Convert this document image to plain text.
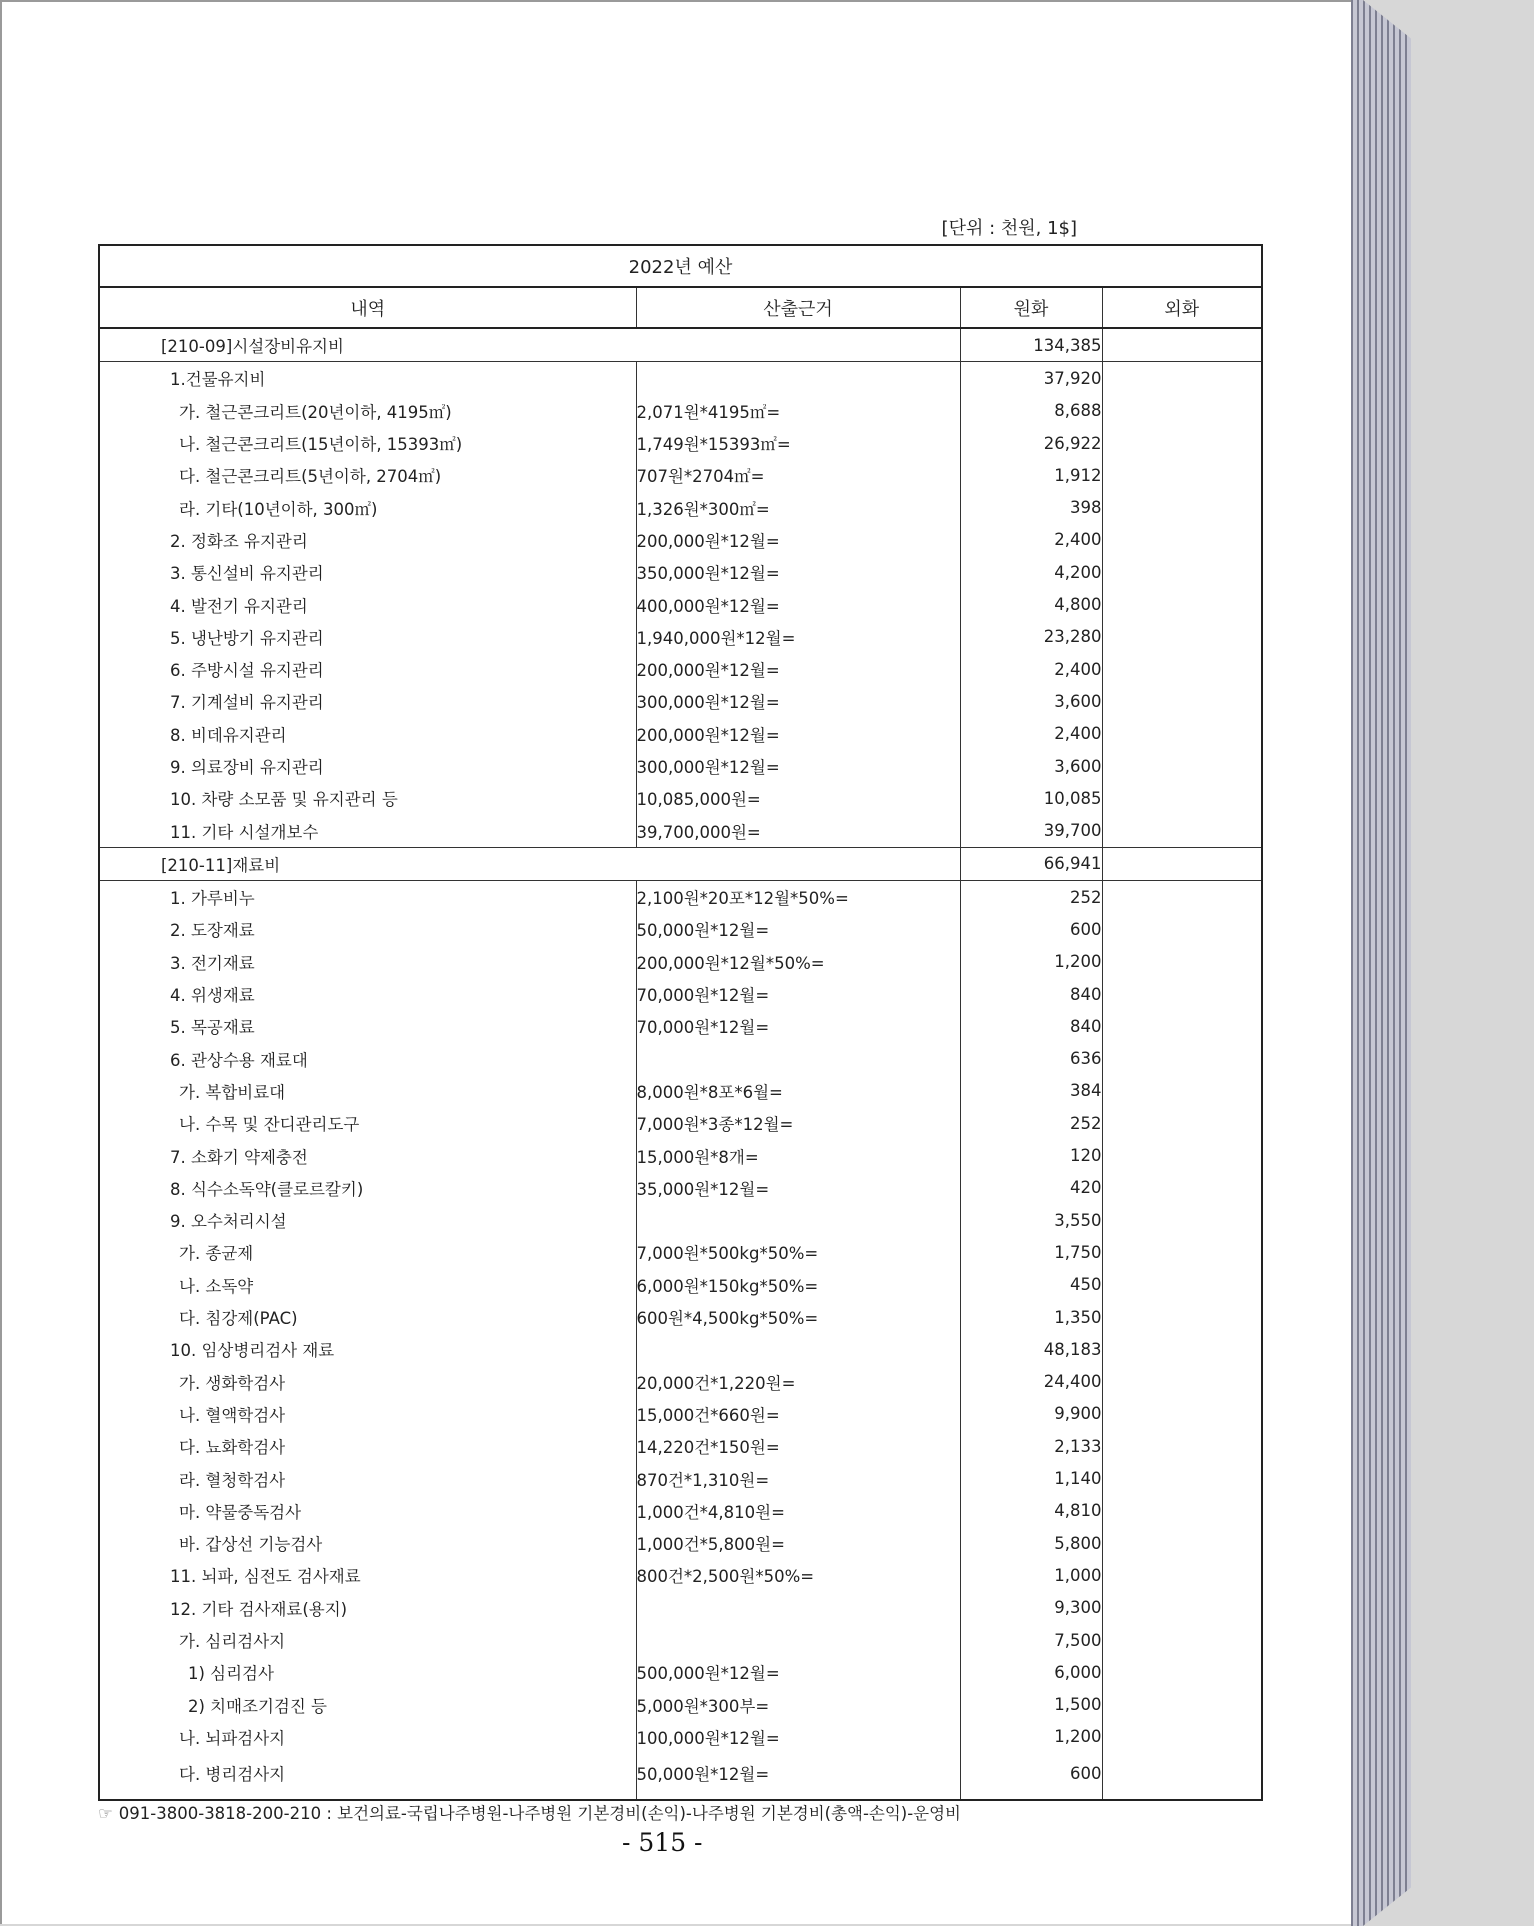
[단위 : 천원, 1$]
2022년 예산			
내역	산출근거	원화	외화
[210-09]시설장비유지비		134,385	
1.건물유지비		37,920	
가. 철근콘크리트(20년이하, 4195㎡)	2,071원*4195㎡=	8,688	
나. 철근콘크리트(15년이하, 15393㎡)	1,749원*15393㎡=	26,922	
다. 철근콘크리트(5년이하, 2704㎡)	707원*2704㎡=	1,912	
라. 기타(10년이하, 300㎡)	1,326원*300㎡=	398	
2. 정화조 유지관리	200,000원*12월=	2,400	
3. 통신설비 유지관리	350,000원*12월=	4,200	
4. 발전기 유지관리	400,000원*12월=	4,800	
5. 냉난방기 유지관리	1,940,000원*12월=	23,280	
6. 주방시설 유지관리	200,000원*12월=	2,400	
7. 기계설비 유지관리	300,000원*12월=	3,600	
8. 비데유지관리	200,000원*12월=	2,400	
9. 의료장비 유지관리	300,000원*12월=	3,600	
10. 차량 소모품 및 유지관리 등	10,085,000원=	10,085	
11. 기타 시설개보수	39,700,000원=	39,700	
[210-11]재료비		66,941	
1. 가루비누	2,100원*20포*12월*50%=	252	
2. 도장재료	50,000원*12월=	600	
3. 전기재료	200,000원*12월*50%=	1,200	
4. 위생재료	70,000원*12월=	840	
5. 목공재료	70,000원*12월=	840	
6. 관상수용 재료대		636	
가. 복합비료대	8,000원*8포*6월=	384	
나. 수목 및 잔디관리도구	7,000원*3종*12월=	252	
7. 소화기 약제충전	15,000원*8개=	120	
8. 식수소독약(클로르칼키)	35,000원*12월=	420	
9. 오수처리시설		3,550	
가. 종균제	7,000원*500kg*50%=	1,750	
나. 소독약	6,000원*150kg*50%=	450	
다. 침강제(PAC)	600원*4,500kg*50%=	1,350	
10. 임상병리검사 재료		48,183	
가. 생화학검사	20,000건*1,220원=	24,400	
나. 혈액학검사	15,000건*660원=	9,900	
다. 뇨화학검사	14,220건*150원=	2,133	
라. 혈청학검사	870건*1,310원=	1,140	
마. 약물중독검사	1,000건*4,810원=	4,810	
바. 갑상선 기능검사	1,000건*5,800원=	5,800	
11. 뇌파, 심전도 검사재료	800건*2,500원*50%=	1,000	
12. 기타 검사재료(용지)		9,300	
가. 심리검사지		7,500	
1) 심리검사	500,000원*12월=	6,000	
2) 치매조기검진 등	5,000원*300부=	1,500	
나. 뇌파검사지	100,000원*12월=	1,200	
다. 병리검사지	50,000원*12월=	600	
☞ 091-3800-3818-200-210 : 보건의료-국립나주병원-나주병원 기본경비(손익)-나주병원 기본경비(총액-손익)-운영비
- 515 -
